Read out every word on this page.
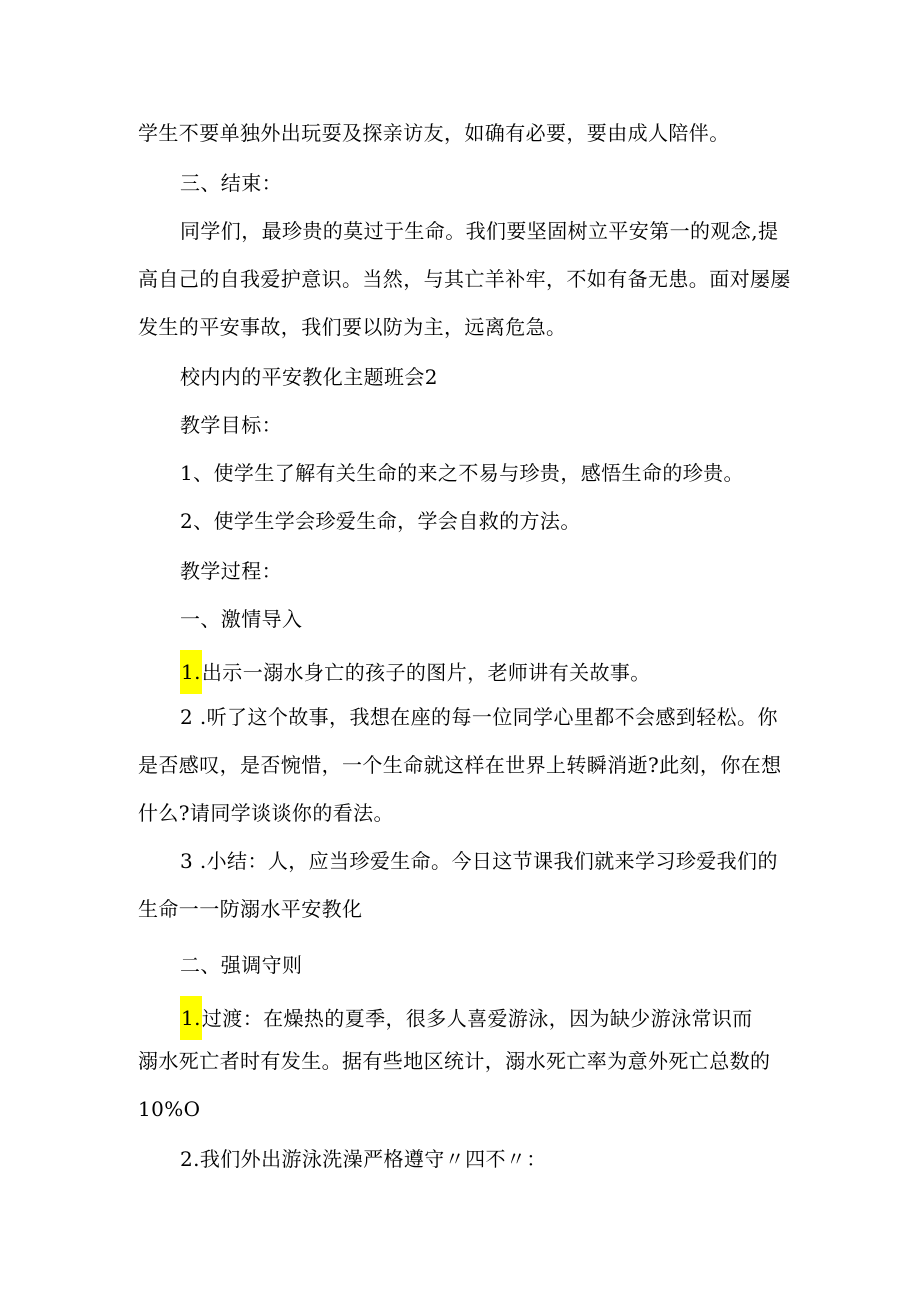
学生不要单独外出玩耍及探亲访友，如确有必要，要由成人陪伴。
三、结束：
同学们，最珍贵的莫过于生命。我们要坚固树立平安第一的观念,提
高自己的自我爱护意识。当然，与其亡羊补牢，不如有备无患。面对屡屡
发生的平安事故，我们要以防为主，远离危急。
校内内的平安教化主题班会2
教学目标：
1、使学生了解有关生命的来之不易与珍贵，感悟生命的珍贵。
2、使学生学会珍爱生命，学会自救的方法。
教学过程：
一、激情导入
1.出示一溺水身亡的孩子的图片，老师讲有关故事。
2 .听了这个故事，我想在座的每一位同学心里都不会感到轻松。你
是否感叹，是否惋惜，一个生命就这样在世界上转瞬消逝?此刻，你在想
什么?请同学谈谈你的看法。
3 .小结：人，应当珍爱生命。今日这节课我们就来学习珍爱我们的
生命一一防溺水平安教化
二、强调守则
1.过渡：在燥热的夏季，很多人喜爱游泳，因为缺少游泳常识而
溺水死亡者时有发生。据有些地区统计，溺水死亡率为意外死亡总数的
10%O
2.我们外出游泳洗澡严格遵守〃四不〃：
